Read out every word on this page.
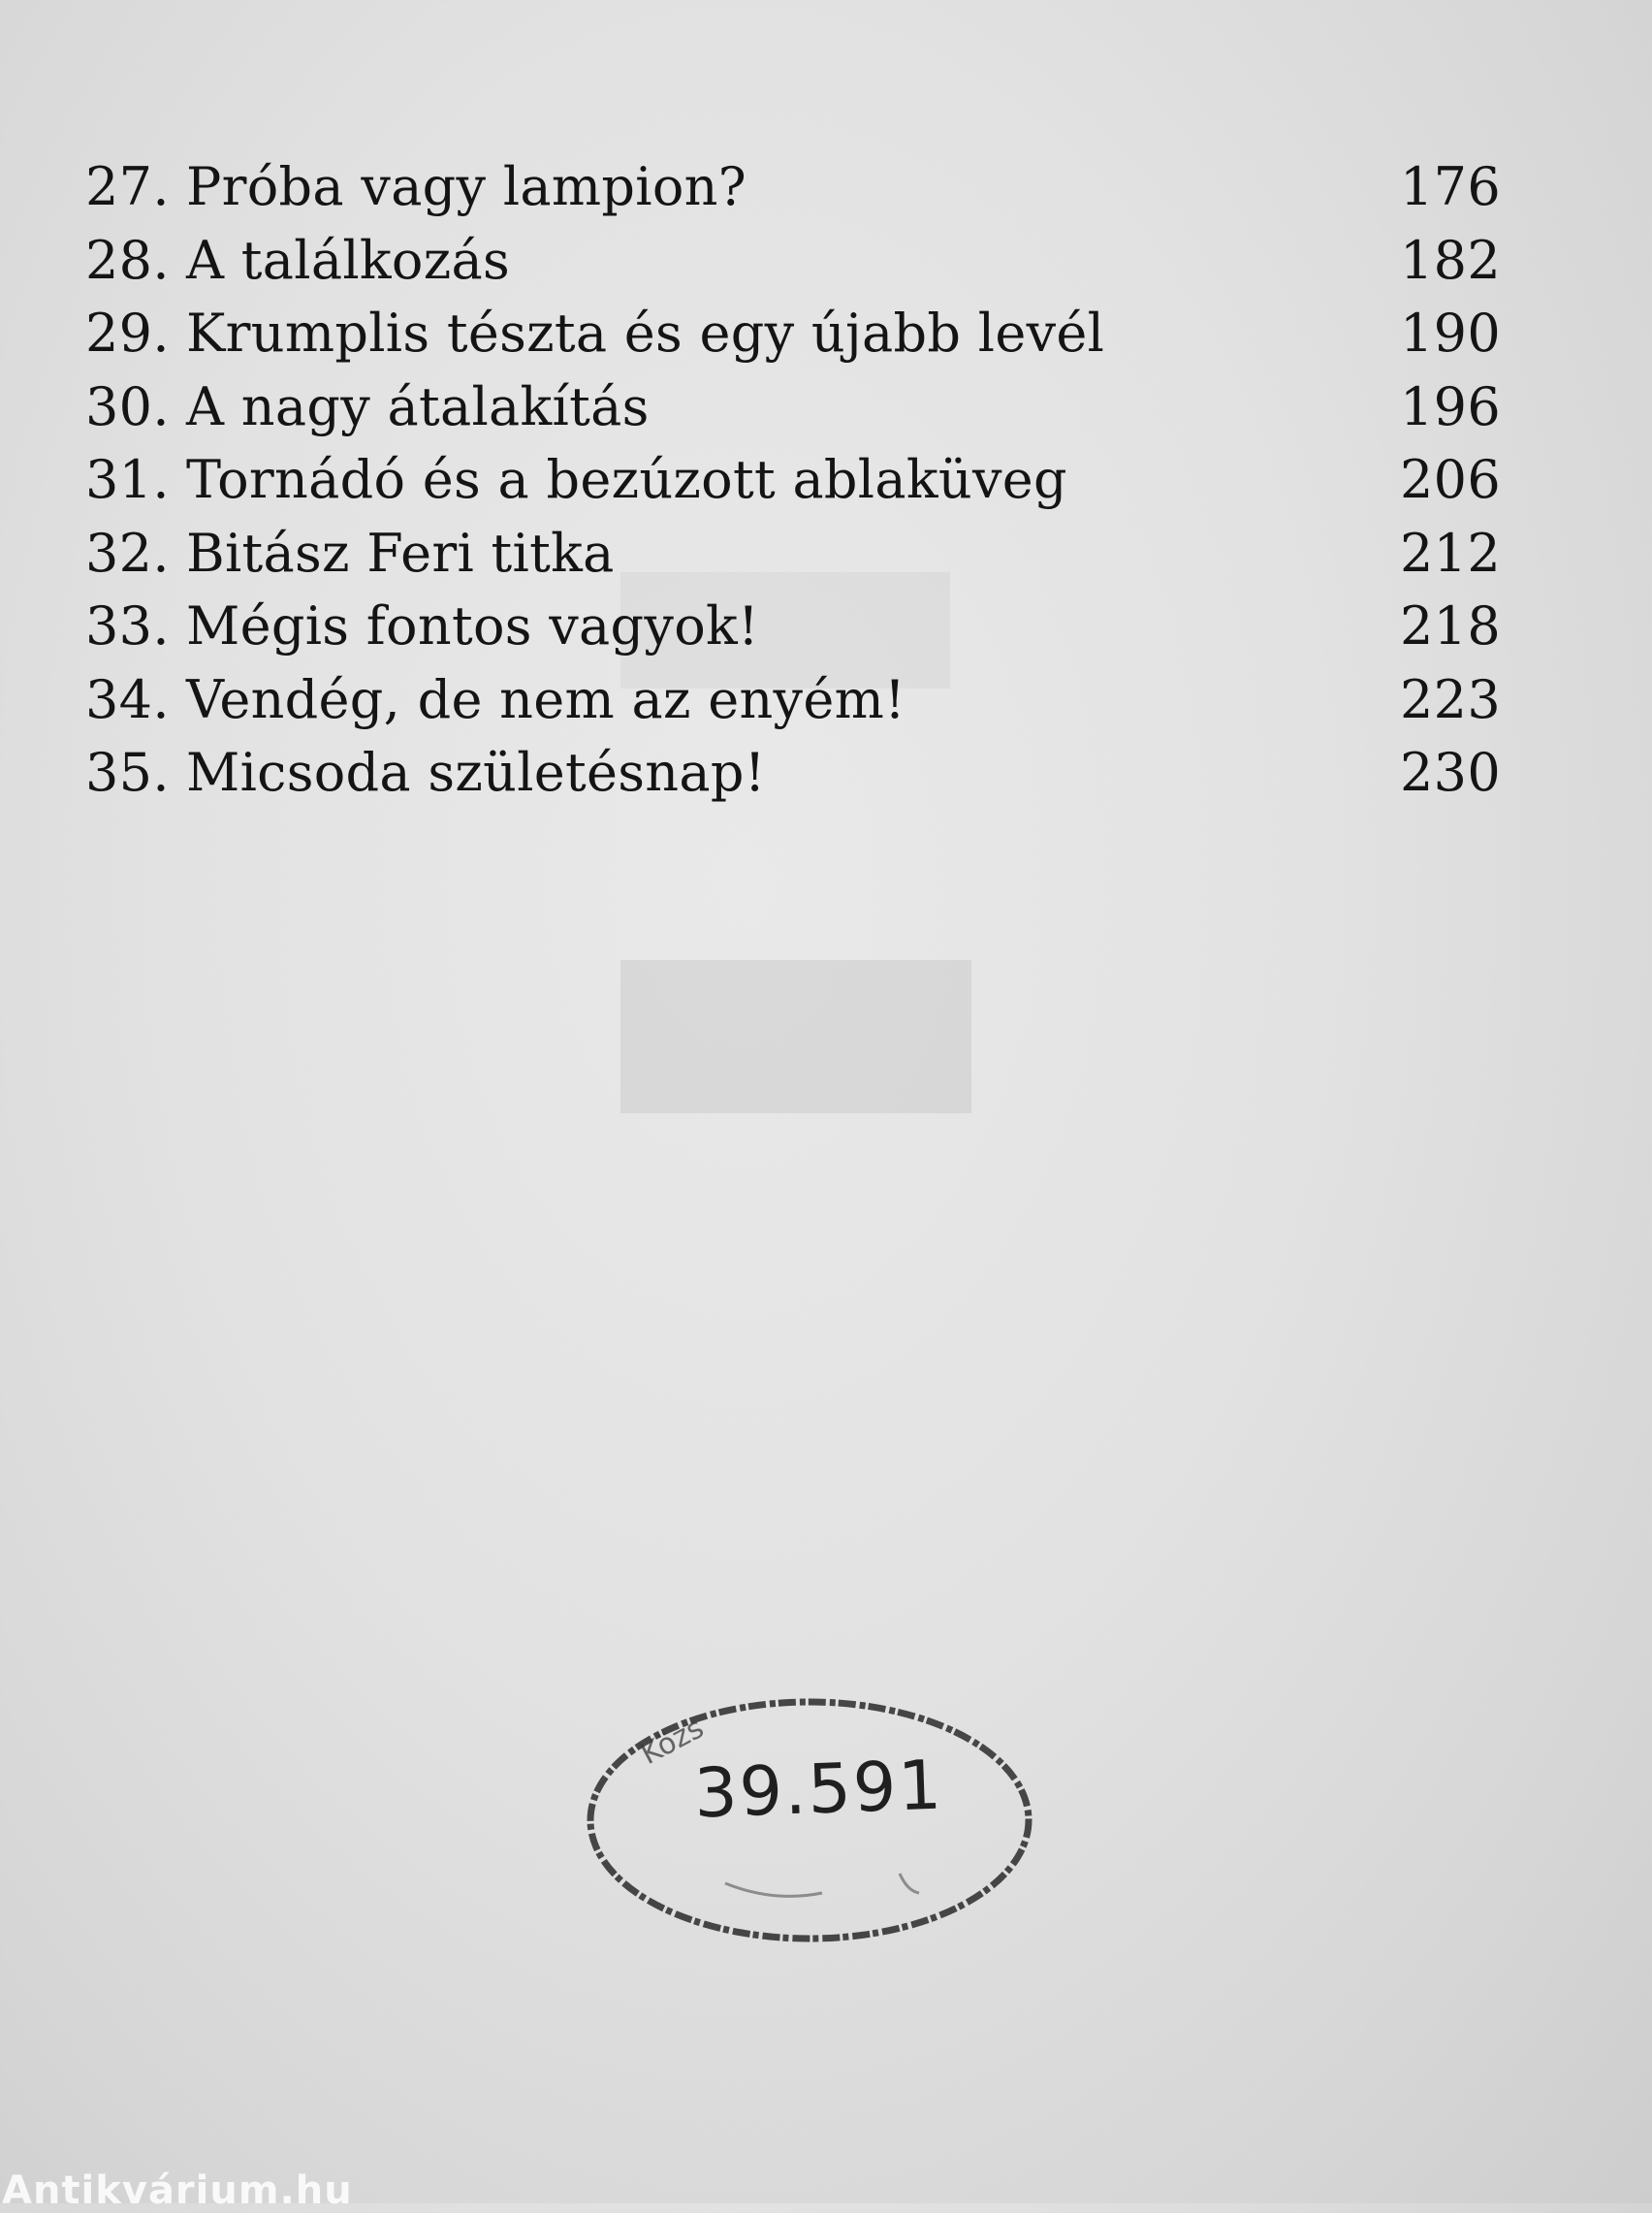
27. Próba vagy lampion?	176
28. A találkozás	182
29. Krumplis tészta és egy újabb levél	190
30. A nagy átalakítás	196
31. Tornádó és a bezúzott ablaküveg	206
32. Bitász Feri titka	212
33. Mégis fontos vagyok!	218
34. Vendég, de nem az enyém!	223
35. Micsoda születésnap!	230
Közs
39.591
Antikvárium.hu
